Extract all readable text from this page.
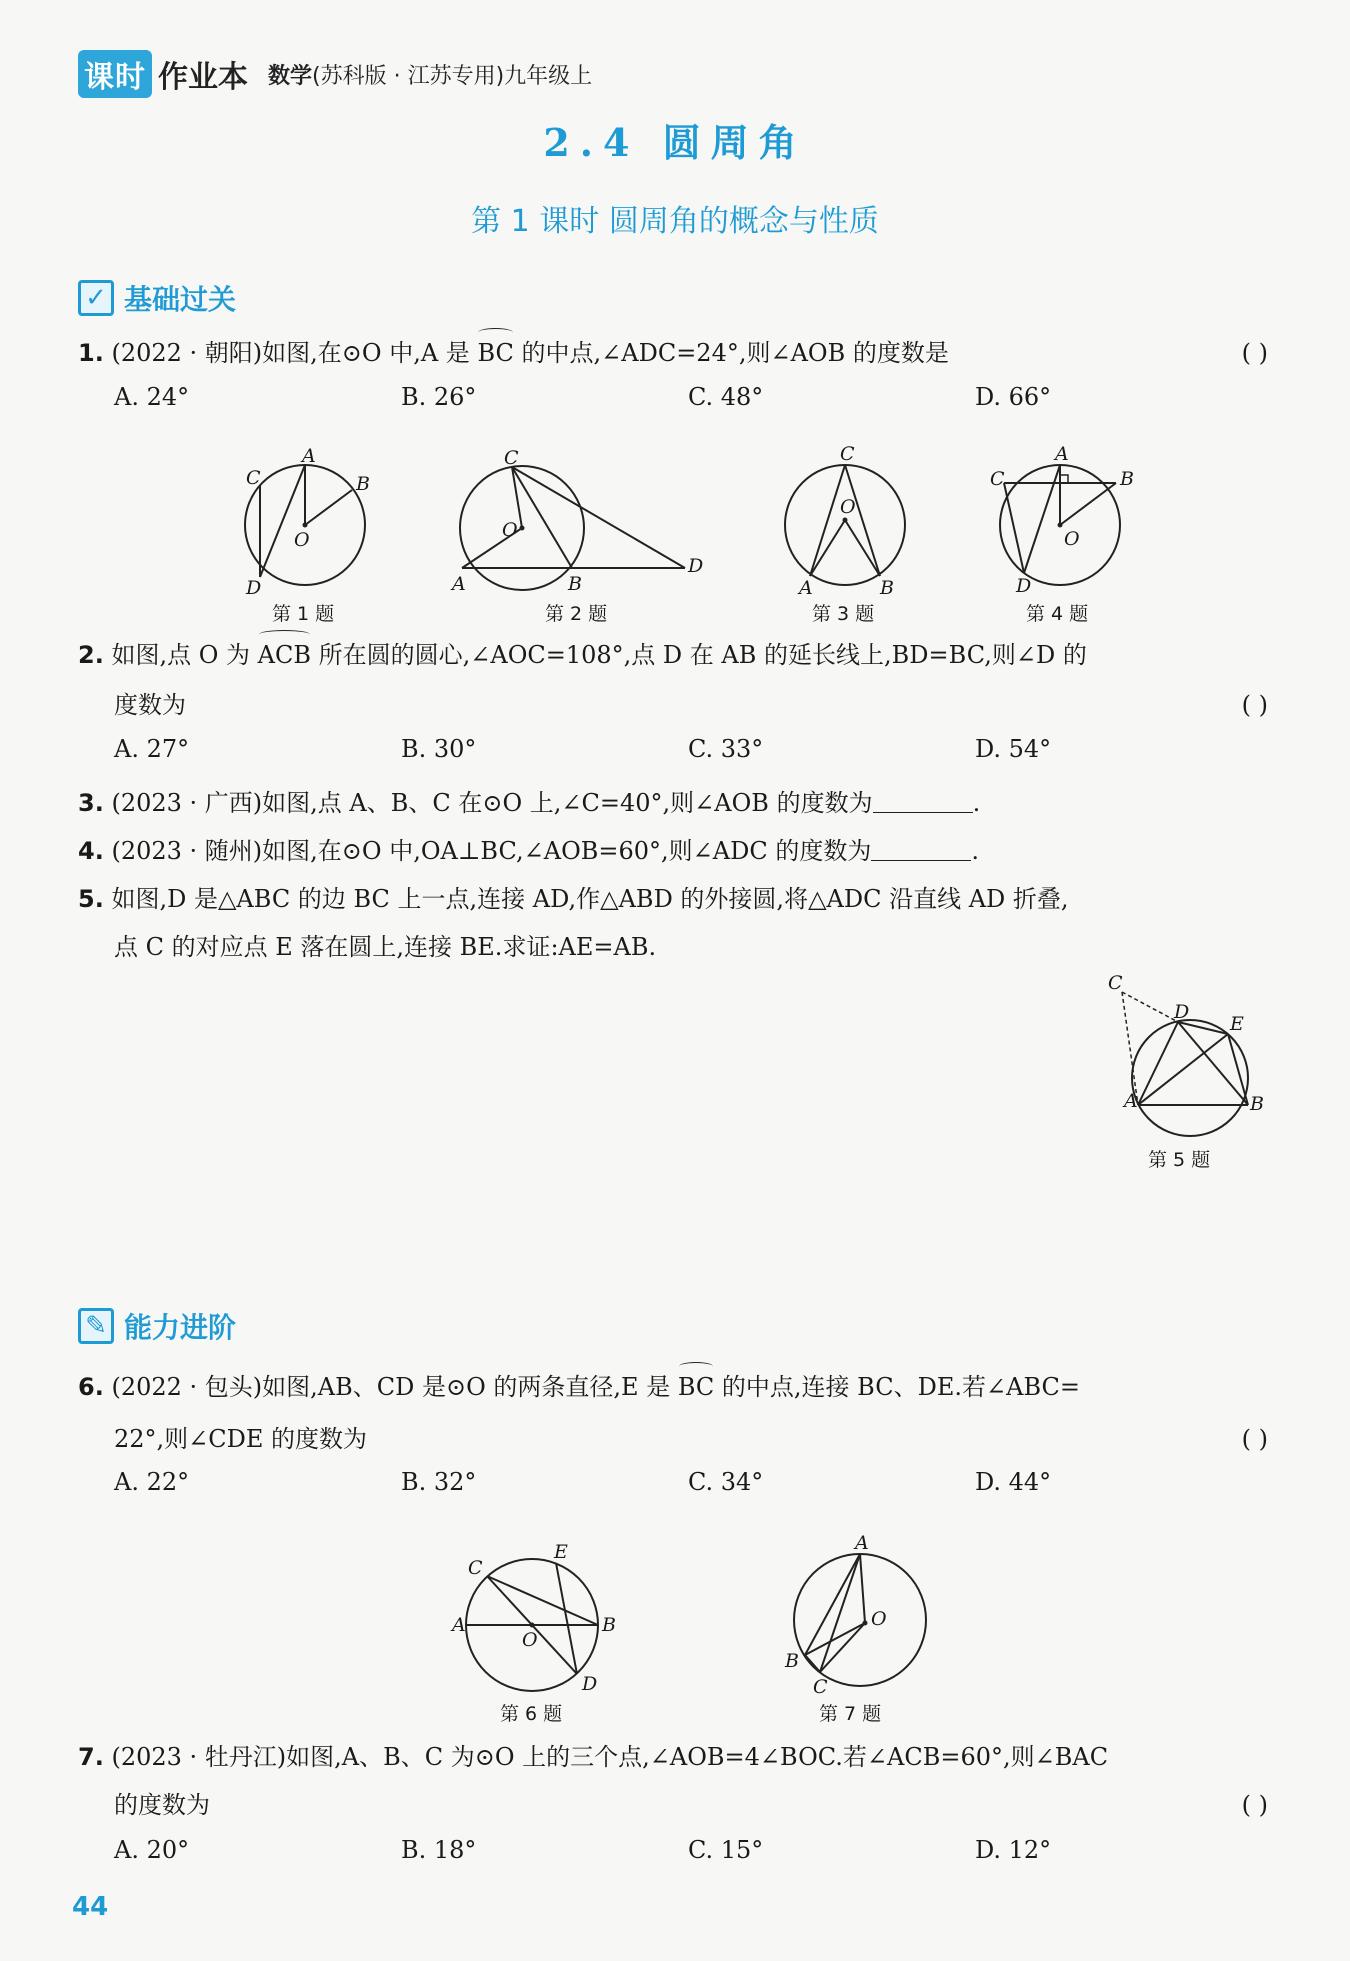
课时 作业本 数学(苏科版 · 江苏专用)九年级上
2.4 圆周角
第 1 课时 圆周角的概念与性质
✓ 基础过关
1. (2022 · 朝阳)如图,在⊙O 中,A 是 BC 的中点,∠ADC=24°,则∠AOB 的度数是	( )
A. 24°	B. 26°	C. 48°	D. 66°
A
B
C
D
O
第 1 题
A	B
C
D
O
第 2 题
A	B
C
O
第 3 题
A
B
C
D
O
第 4 题
2. 如图,点 O 为 ACB 所在圆的圆心,∠AOC=108°,点 D 在 AB 的延长线上,BD=BC,则∠D 的
度数为	( )
A. 27°	B. 30°	C. 33°	D. 54°
3. (2023 · 广西)如图,点 A、B、C 在⊙O 上,∠C=40°,则∠AOB 的度数为	.
4. (2023 · 随州)如图,在⊙O 中,OA⊥BC,∠AOB=60°,则∠ADC 的度数为	.
5. 如图,D 是△ABC 的边 BC 上一点,连接 AD,作△ABD 的外接圆,将△ADC 沿直线 AD 折叠,
点 C 的对应点 E 落在圆上,连接 BE.求证:AE=AB.
A	B
C
D
E
第 5 题
✎ 能力进阶
6. (2022 · 包头)如图,AB、CD 是⊙O 的两条直径,E 是 BC 的中点,连接 BC、DE.若∠ABC=
22°,则∠CDE 的度数为	( )
A. 22°	B. 32°	C. 34°	D. 44°
A	B
C
D
E
O
第 6 题
A
B
C
O
第 7 题
7. (2023 · 牡丹江)如图,A、B、C 为⊙O 上的三个点,∠AOB=4∠BOC.若∠ACB=60°,则∠BAC
的度数为	( )
A. 20°	B. 18°	C. 15°	D. 12°
44
